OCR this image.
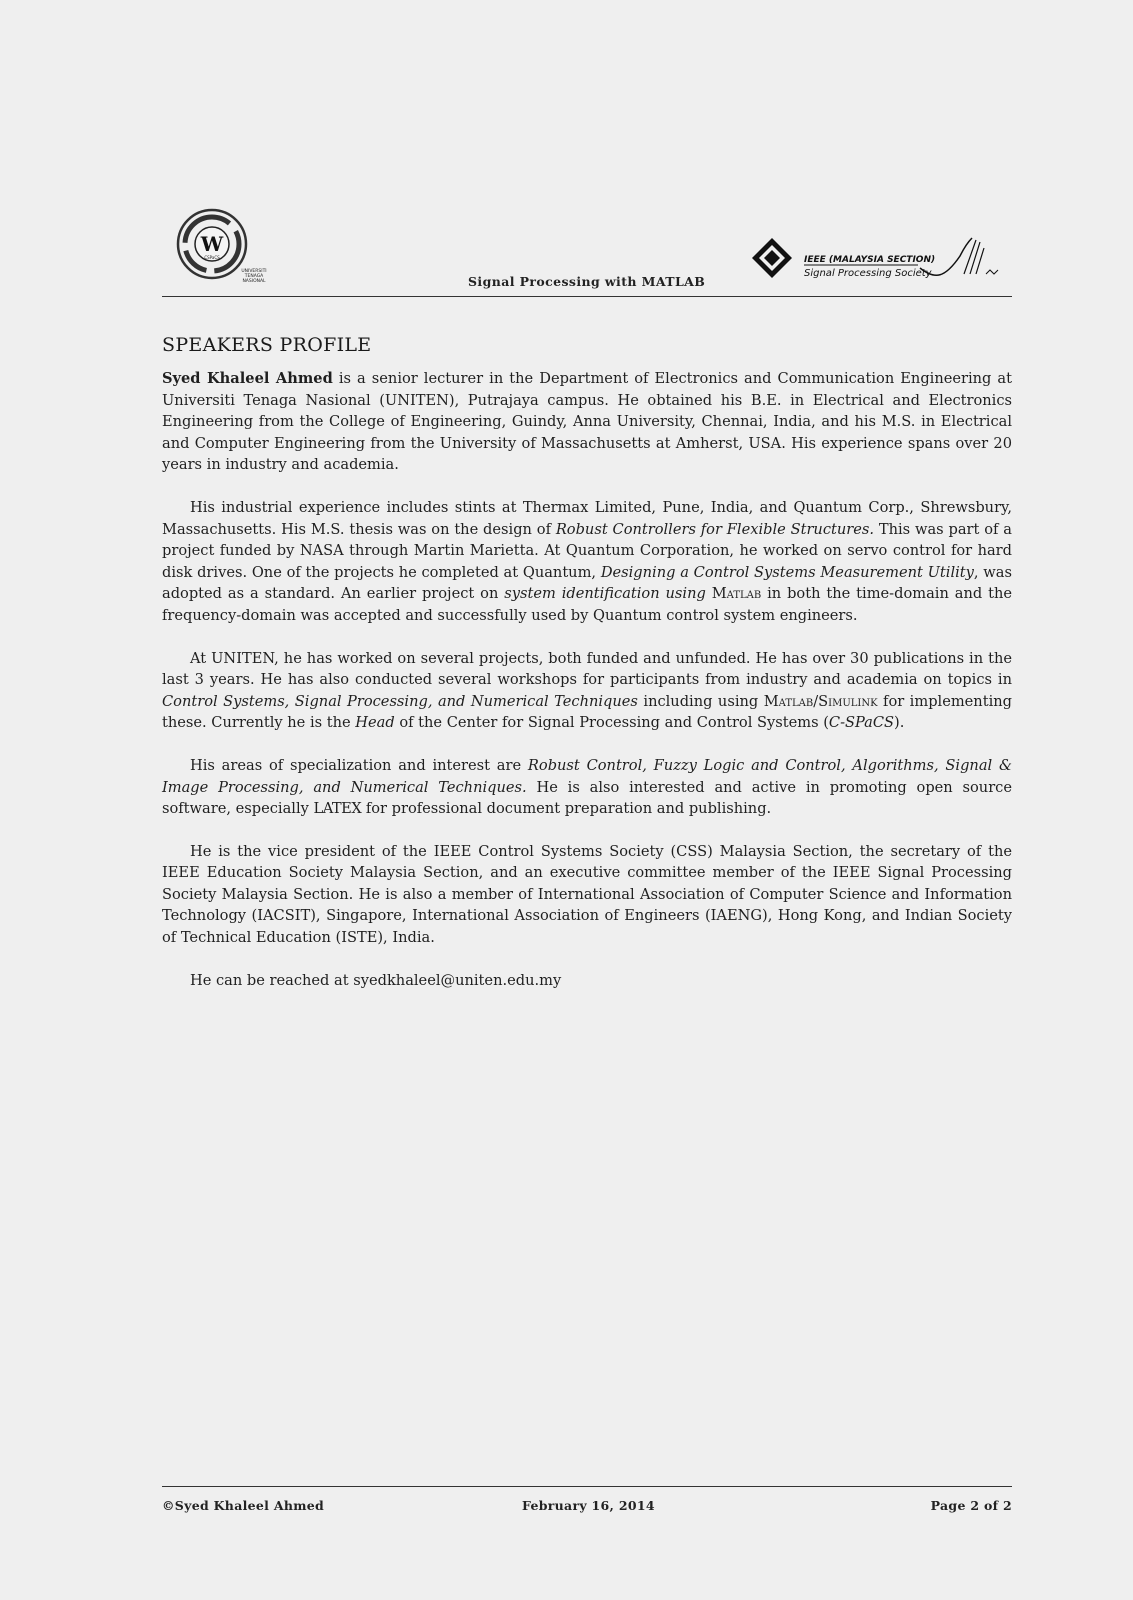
W
CSPaCS
UNIVERSITI
TENAGA
NASIONAL	Signal Processing with MATLAB
IEEE (MALAYSIA SECTION)
Signal Processing Society
SPEAKERS PROFILE

Syed Khaleel Ahmed is a senior lecturer in the Department of Electronics and Communication Engineering at Universiti Tenaga Nasional (UNITEN), Putrajaya campus. He obtained his B.E. in Electrical and Electronics Engineering from the College of Engineering, Guindy, Anna University, Chennai, India, and his M.S. in Electrical and Computer Engineering from the University of Massachusetts at Amherst, USA. His experience spans over 20 years in industry and academia.

His industrial experience includes stints at Thermax Limited, Pune, India, and Quantum Corp., Shrewsbury, Massachusetts. His M.S. thesis was on the design of Robust Controllers for Flexible Structures. This was part of a project funded by NASA through Martin Marietta. At Quantum Corporation, he worked on servo control for hard disk drives. One of the projects he completed at Quantum, Designing a Control Systems Measurement Utility, was adopted as a standard. An earlier project on system identification using Matlab in both the time-domain and the frequency-domain was accepted and successfully used by Quantum control system engineers.

At UNITEN, he has worked on several projects, both funded and unfunded. He has over 30 publications in the last 3 years. He has also conducted several workshops for participants from industry and academia on topics in Control Systems, Signal Processing, and Numerical Techniques including using Matlab/Simulink for implementing these. Currently he is the Head of the Center for Signal Processing and Control Systems (C-SPaCS).

His areas of specialization and interest are Robust Control, Fuzzy Logic and Control, Algorithms, Signal & Image Processing, and Numerical Techniques. He is also interested and active in promoting open source software, especially LATEX for professional document preparation and publishing.

He is the vice president of the IEEE Control Systems Society (CSS) Malaysia Section, the secretary of the IEEE Education Society Malaysia Section, and an executive committee member of the IEEE Signal Processing Society Malaysia Section. He is also a member of International Association of Computer Science and Information Technology (IACSIT), Singapore, International Association of Engineers (IAENG), Hong Kong, and Indian Society of Technical Education (ISTE), India.

He can be reached at syedkhaleel@uniten.edu.my

©Syed Khaleel Ahmed	February 16, 2014	Page 2 of 2
